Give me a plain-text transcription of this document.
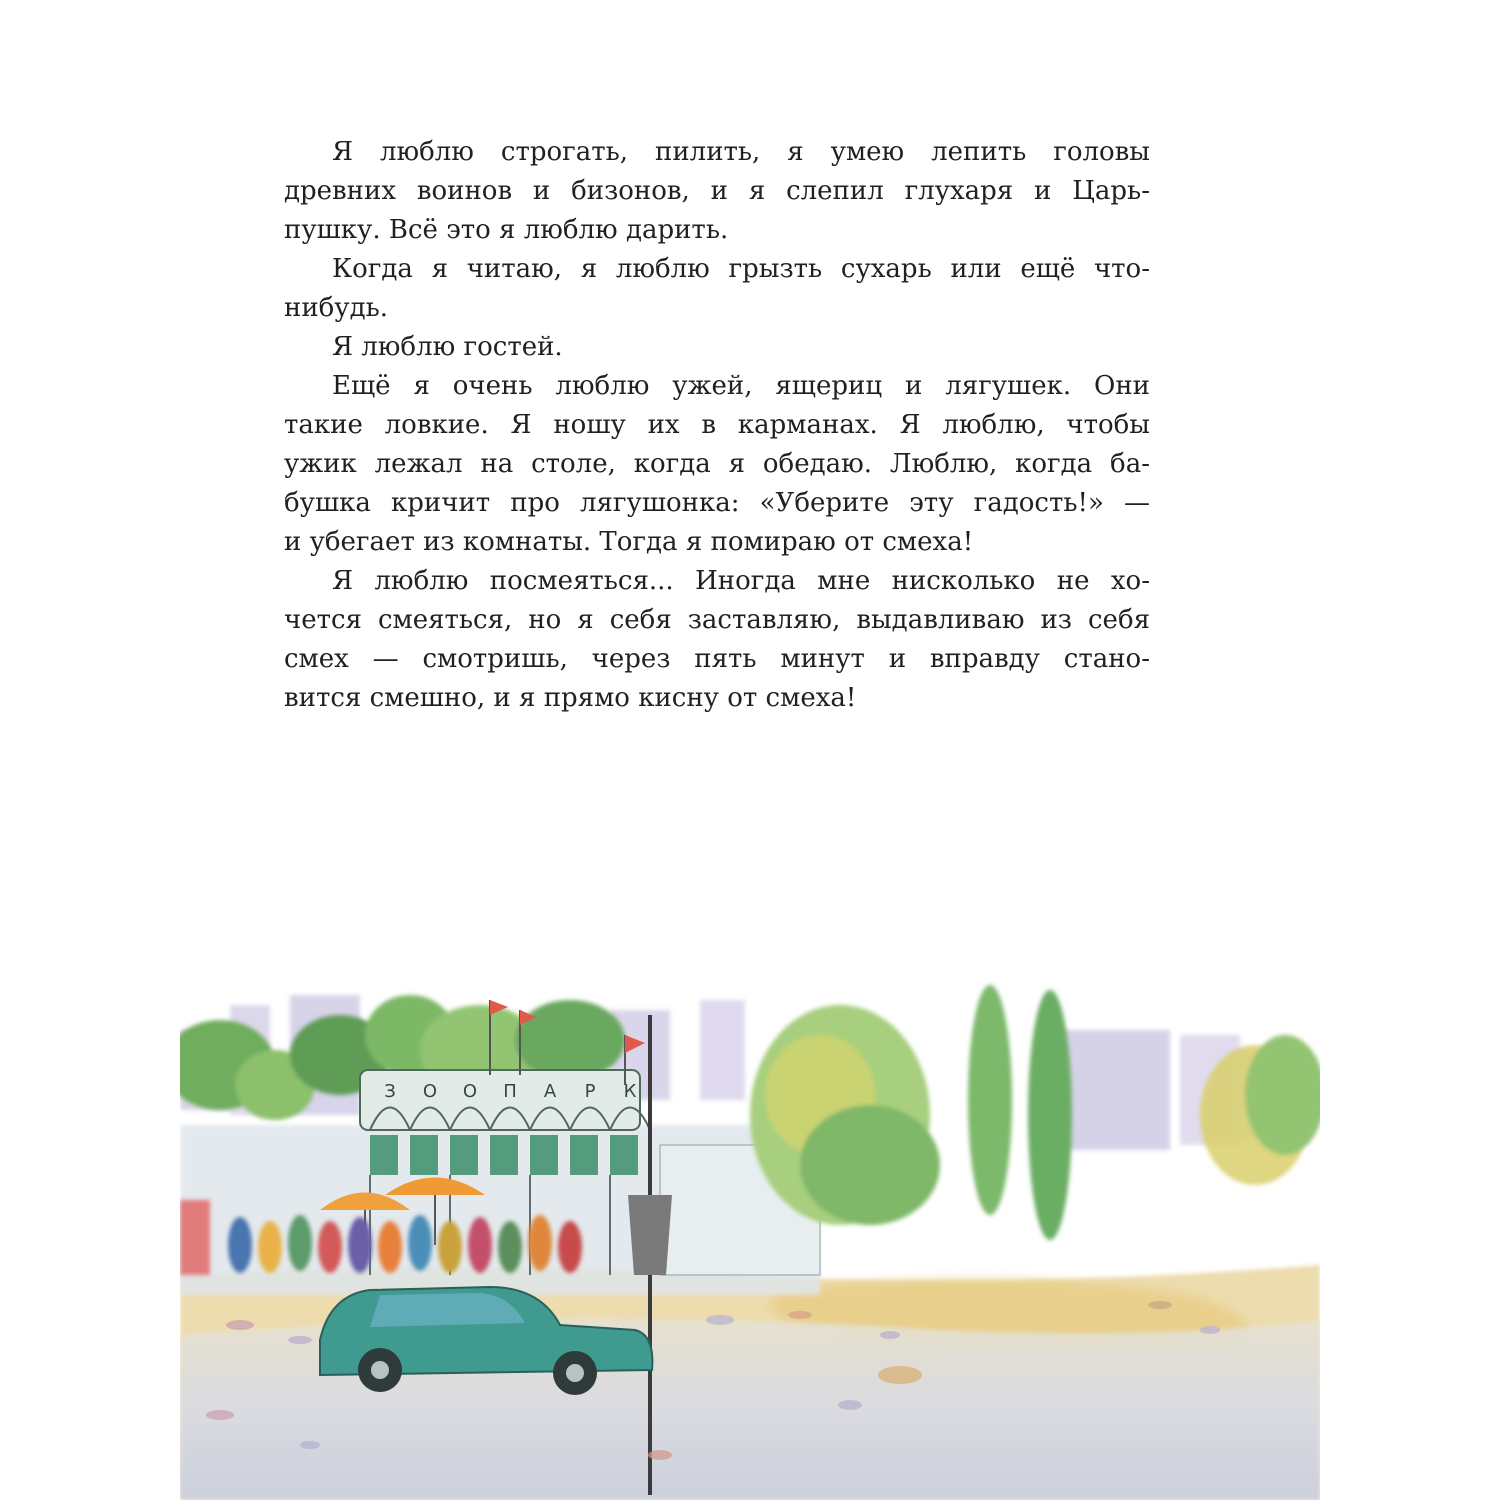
Я люблю строгать, пилить, я умею лепить головы
древних воинов и бизонов, и я слепил глухаря и Царь-
пушку. Всё это я люблю дарить.

Когда я читаю, я люблю грызть сухарь или ещё что-
нибудь.

Я люблю гостей.

Ещё я очень люблю ужей, ящериц и лягушек. Они
такие ловкие. Я ношу их в карманах. Я люблю, чтобы
ужик лежал на столе, когда я обедаю. Люблю, когда ба-
бушка кричит про лягушонка: «Уберите эту гадость!» —
и убегает из комнаты. Тогда я помираю от смеха!

Я люблю посмеяться... Иногда мне нисколько не хо-
чется смеяться, но я себя заставляю, выдавливаю из себя
смех — смотришь, через пять минут и вправду стано-
вится смешно, и я прямо кисну от смеха!

З О О П А Р К
